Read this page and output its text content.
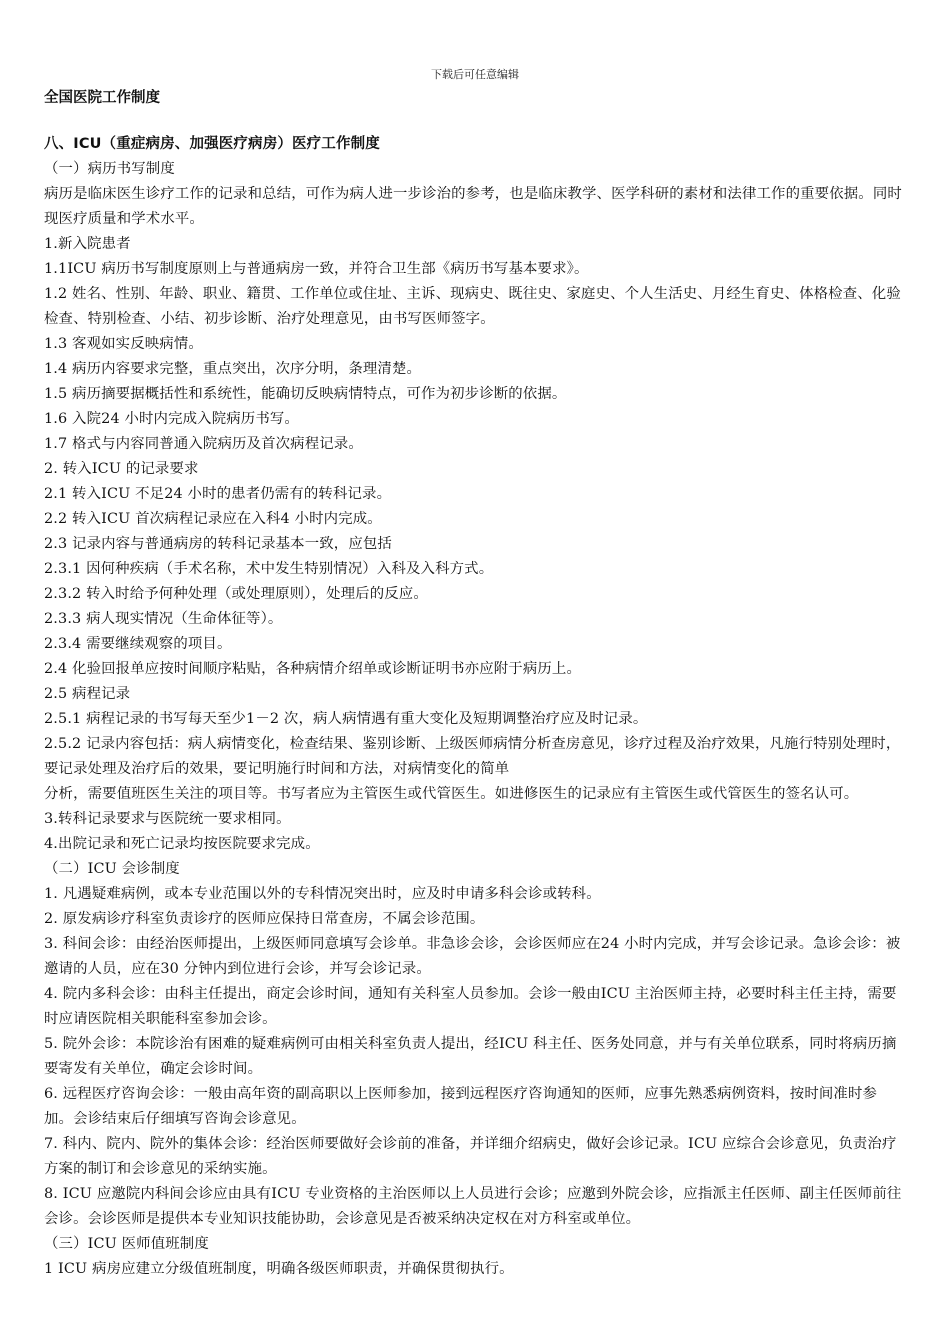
下载后可任意编辑
全国医院工作制度
八、ICU（重症病房、加强医疗病房）医疗工作制度
（一）病历书写制度
病历是临床医生诊疗工作的记录和总结，可作为病人进一步诊治的参考，也是临床教学、医学科研的素材和法律工作的重要依据。同时现医疗质量和学术水平。
1.新入院患者
1.1ICU 病历书写制度原则上与普通病房一致，并符合卫生部《病历书写基本要求》。
1.2 姓名、性别、年龄、职业、籍贯、工作单位或住址、主诉、现病史、既往史、家庭史、个人生活史、月经生育史、体格检查、化验检查、特别检查、小结、初步诊断、治疗处理意见，由书写医师签字。
1.3 客观如实反映病情。
1.4 病历内容要求完整，重点突出，次序分明，条理清楚。
1.5 病历摘要据概括性和系统性，能确切反映病情特点，可作为初步诊断的依据。
1.6 入院24 小时内完成入院病历书写。
1.7 格式与内容同普通入院病历及首次病程记录。
2. 转入ICU 的记录要求
2.1 转入ICU 不足24 小时的患者仍需有的转科记录。
2.2 转入ICU 首次病程记录应在入科4 小时内完成。
2.3 记录内容与普通病房的转科记录基本一致，应包括
2.3.1 因何种疾病（手术名称，术中发生特别情况）入科及入科方式。
2.3.2 转入时给予何种处理（或处理原则），处理后的反应。
2.3.3 病人现实情况（生命体征等）。
2.3.4 需要继续观察的项目。
2.4 化验回报单应按时间顺序粘贴，各种病情介绍单或诊断证明书亦应附于病历上。
2.5 病程记录
2.5.1 病程记录的书写每天至少1－2 次，病人病情遇有重大变化及短期调整治疗应及时记录。
2.5.2 记录内容包括：病人病情变化，检查结果、鉴别诊断、上级医师病情分析查房意见，诊疗过程及治疗效果，凡施行特别处理时，要记录处理及治疗后的效果，要记明施行时间和方法，对病情变化的简单
分析，需要值班医生关注的项目等。书写者应为主管医生或代管医生。如进修医生的记录应有主管医生或代管医生的签名认可。
3.转科记录要求与医院统一要求相同。
4.出院记录和死亡记录均按医院要求完成。
（二）ICU 会诊制度
1. 凡遇疑难病例，或本专业范围以外的专科情况突出时，应及时申请多科会诊或转科。
2. 原发病诊疗科室负责诊疗的医师应保持日常查房，不属会诊范围。
3. 科间会诊：由经治医师提出，上级医师同意填写会诊单。非急诊会诊，会诊医师应在24 小时内完成，并写会诊记录。急诊会诊：被邀请的人员，应在30 分钟内到位进行会诊，并写会诊记录。
4. 院内多科会诊：由科主任提出，商定会诊时间，通知有关科室人员参加。会诊一般由ICU 主治医师主持，必要时科主任主持，需要时应请医院相关职能科室参加会诊。
5. 院外会诊：本院诊治有困难的疑难病例可由相关科室负责人提出，经ICU 科主任、医务处同意，并与有关单位联系，同时将病历摘要寄发有关单位，确定会诊时间。
6. 远程医疗咨询会诊：一般由高年资的副高职以上医师参加，接到远程医疗咨询通知的医师，应事先熟悉病例资料，按时间准时参加。会诊结束后仔细填写咨询会诊意见。
7. 科内、院内、院外的集体会诊：经治医师要做好会诊前的准备，并详细介绍病史，做好会诊记录。ICU 应综合会诊意见，负责治疗方案的制订和会诊意见的采纳实施。
8. ICU 应邀院内科间会诊应由具有ICU 专业资格的主治医师以上人员进行会诊；应邀到外院会诊，应指派主任医师、副主任医师前往会诊。会诊医师是提供本专业知识技能协助，会诊意见是否被采纳决定权在对方科室或单位。
（三）ICU 医师值班制度
1 ICU 病房应建立分级值班制度，明确各级医师职责，并确保贯彻执行。
